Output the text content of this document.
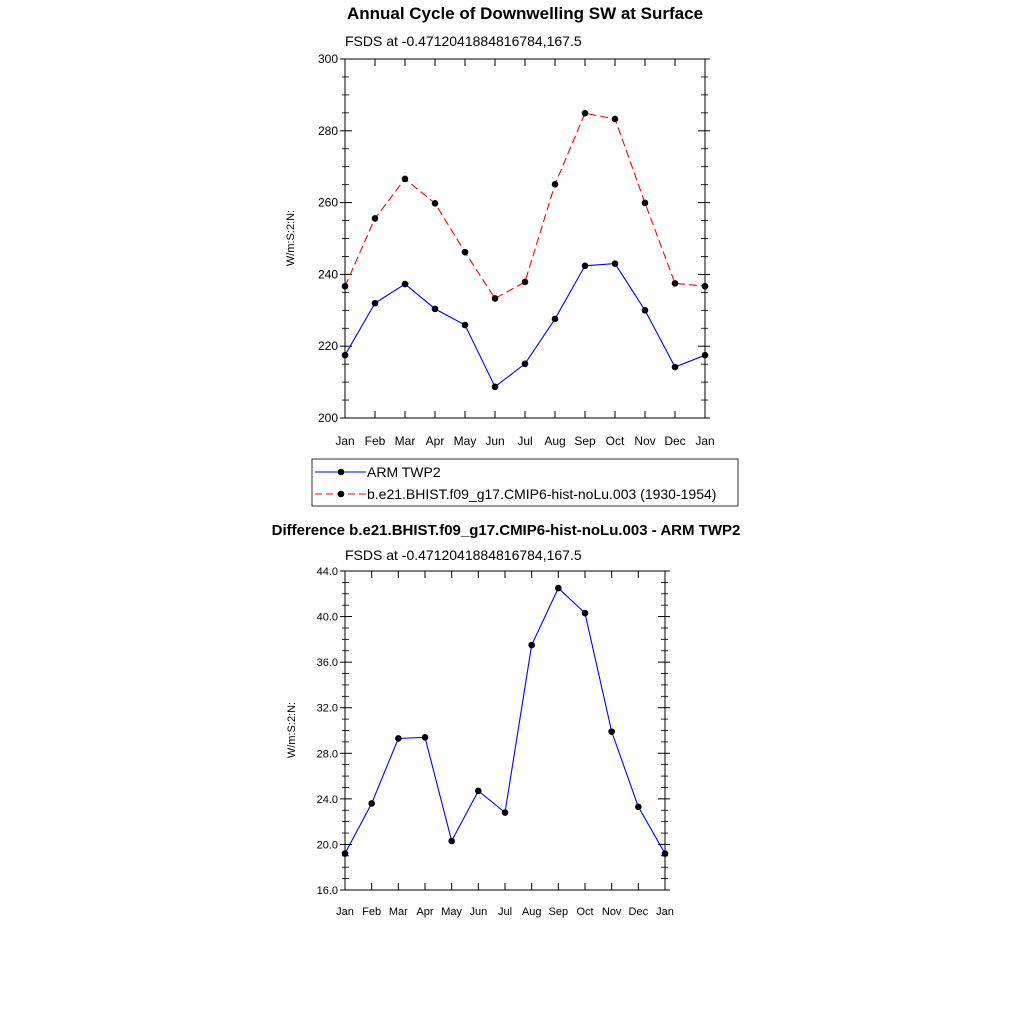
Annual Cycle of Downwelling SW at Surface
FSDS at -0.4712041884816784,167.5
W/m:S:2:N:
200
220
240
260
280
300
Jan Feb Mar Apr May Jun Jul Aug Sep Oct Nov Dec Jan
ARM TWP2
b.e21.BHIST.f09_g17.CMIP6-hist-noLu.003 (1930-1954)
Difference b.e21.BHIST.f09_g17.CMIP6-hist-noLu.003 - ARM TWP2
FSDS at -0.4712041884816784,167.5
W/m:S:2:N:
16.0
20.0
24.0
28.0
32.0
36.0
40.0
44.0
Jan Feb Mar Apr May Jun Jul Aug Sep Oct Nov Dec Jan
